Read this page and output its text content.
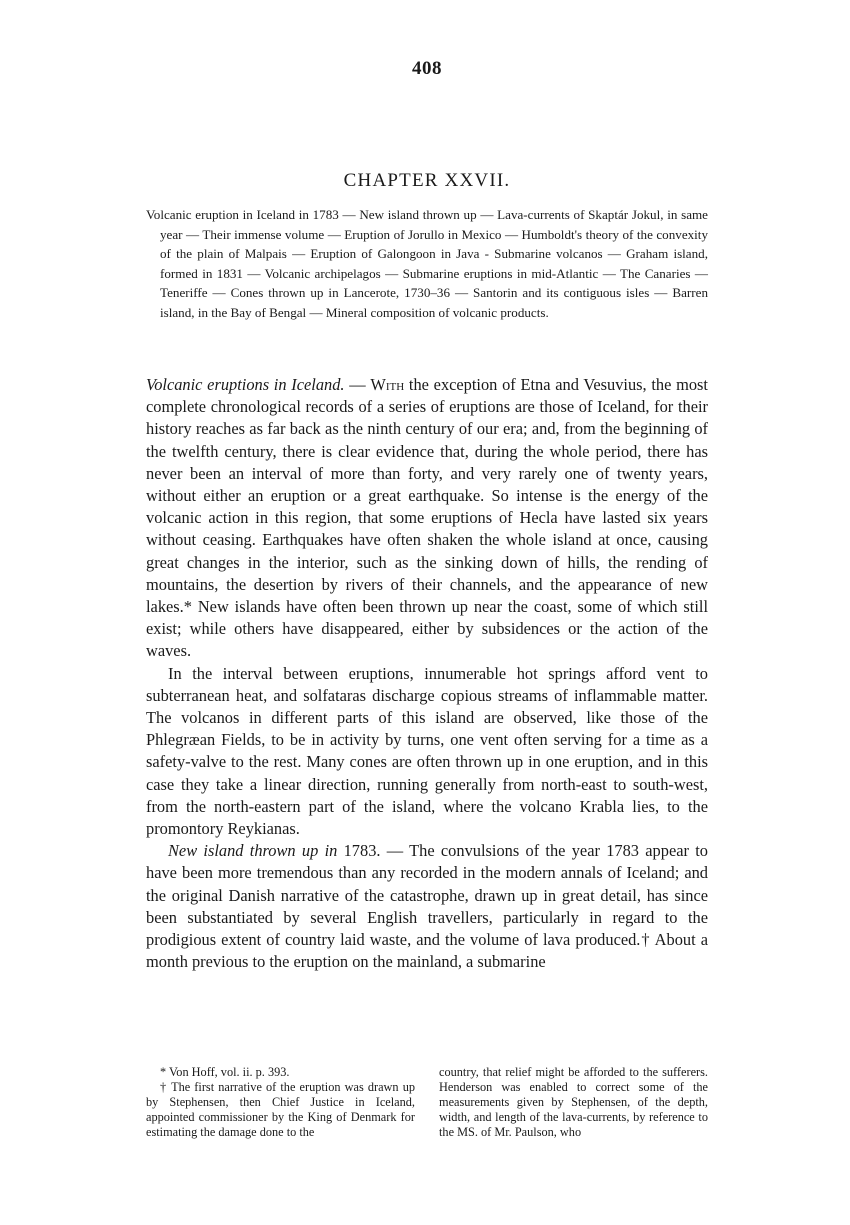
408
CHAPTER XXVII.
Volcanic eruption in Iceland in 1783 — New island thrown up — Lava-currents of Skaptár Jokul, in same year — Their immense volume — Eruption of Jorullo in Mexico — Humboldt's theory of the convexity of the plain of Malpais — Eruption of Galongoon in Java - Submarine volcanos — Graham island, formed in 1831 — Volcanic archipelagos — Submarine eruptions in mid-Atlantic — The Canaries — Teneriffe — Cones thrown up in Lancerote, 1730–36 — Santorin and its contiguous isles — Barren island, in the Bay of Bengal — Mineral composition of volcanic products.

Volcanic eruptions in Iceland. — With the exception of Etna and Vesuvius, the most complete chronological records of a series of eruptions are those of Iceland, for their history reaches as far back as the ninth century of our era; and, from the beginning of the twelfth century, there is clear evidence that, during the whole period, there has never been an interval of more than forty, and very rarely one of twenty years, without either an eruption or a great earthquake. So intense is the energy of the volcanic action in this region, that some eruptions of Hecla have lasted six years without ceasing. Earthquakes have often shaken the whole island at once, causing great changes in the interior, such as the sinking down of hills, the rending of mountains, the desertion by rivers of their channels, and the appearance of new lakes.* New islands have often been thrown up near the coast, some of which still exist; while others have disappeared, either by subsidences or the action of the waves.

In the interval between eruptions, innumerable hot springs afford vent to subterranean heat, and solfataras discharge copious streams of inflammable matter. The volcanos in different parts of this island are observed, like those of the Phlegræan Fields, to be in activity by turns, one vent often serving for a time as a safety-valve to the rest. Many cones are often thrown up in one eruption, and in this case they take a linear direction, running generally from north-east to south-west, from the north-eastern part of the island, where the volcano Krabla lies, to the promontory Reykianas.

New island thrown up in 1783. — The convulsions of the year 1783 appear to have been more tremendous than any recorded in the modern annals of Iceland; and the original Danish narrative of the catastrophe, drawn up in great detail, has since been substantiated by several English travellers, particularly in regard to the prodigious extent of country laid waste, and the volume of lava produced.† About a month previous to the eruption on the mainland, a submarine

* Von Hoff, vol. ii. p. 393.
† The first narrative of the eruption was drawn up by Stephensen, then Chief Justice in Iceland, appointed commissioner by the King of Denmark for estimating the damage done to the
country, that relief might be afforded to the sufferers. Henderson was enabled to correct some of the measurements given by Stephensen, of the depth, width, and length of the lava-currents, by reference to the MS. of Mr. Paulson, who
